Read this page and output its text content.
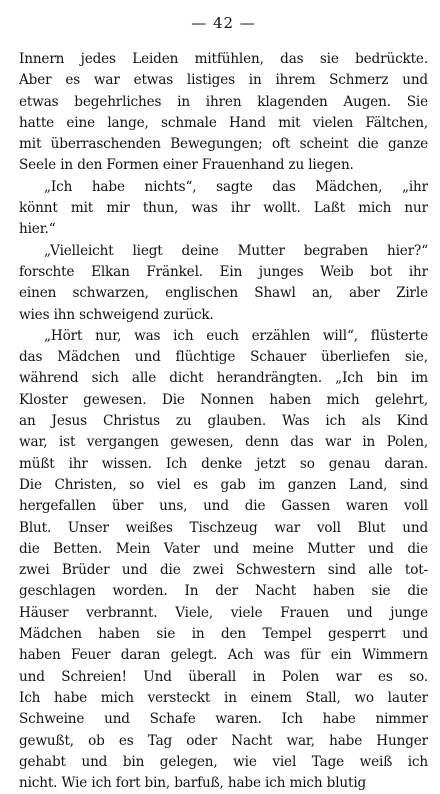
— 42 —

Innern jedes Leiden mitfühlen, das sie bedrückte.
Aber es war etwas listiges in ihrem Schmerz und
etwas begehrliches in ihren klagenden Augen. Sie
hatte eine lange, schmale Hand mit vielen Fältchen,
mit überraschenden Bewegungen; oft scheint die ganze
Seele in den Formen einer Frauenhand zu liegen.

„Ich habe nichts“, sagte das Mädchen, „ihr
könnt mit mir thun, was ihr wollt. Laßt mich nur
hier.“

„Vielleicht liegt deine Mutter begraben hier?“
forschte Elkan Fränkel. Ein junges Weib bot ihr
einen schwarzen, englischen Shawl an, aber Zirle
wies ihn schweigend zurück.

„Hört nur, was ich euch erzählen will“, flüsterte
das Mädchen und flüchtige Schauer überliefen sie,
während sich alle dicht herandrängten. „Ich bin im
Kloster gewesen. Die Nonnen haben mich gelehrt,
an Jesus Christus zu glauben. Was ich als Kind
war, ist vergangen gewesen, denn das war in Polen,
müßt ihr wissen. Ich denke jetzt so genau daran.
Die Christen, so viel es gab im ganzen Land, sind
hergefallen über uns, und die Gassen waren voll
Blut. Unser weißes Tischzeug war voll Blut und
die Betten. Mein Vater und meine Mutter und die
zwei Brüder und die zwei Schwestern sind alle tot-
geschlagen worden. In der Nacht haben sie die
Häuser verbrannt. Viele, viele Frauen und junge
Mädchen haben sie in den Tempel gesperrt und
haben Feuer daran gelegt. Ach was für ein Wimmern
und Schreien! Und überall in Polen war es so.
Ich habe mich versteckt in einem Stall, wo lauter
Schweine und Schafe waren. Ich habe nimmer
gewußt, ob es Tag oder Nacht war, habe Hunger
gehabt und bin gelegen, wie viel Tage weiß ich
nicht. Wie ich fort bin, barfuß, habe ich mich blutig
